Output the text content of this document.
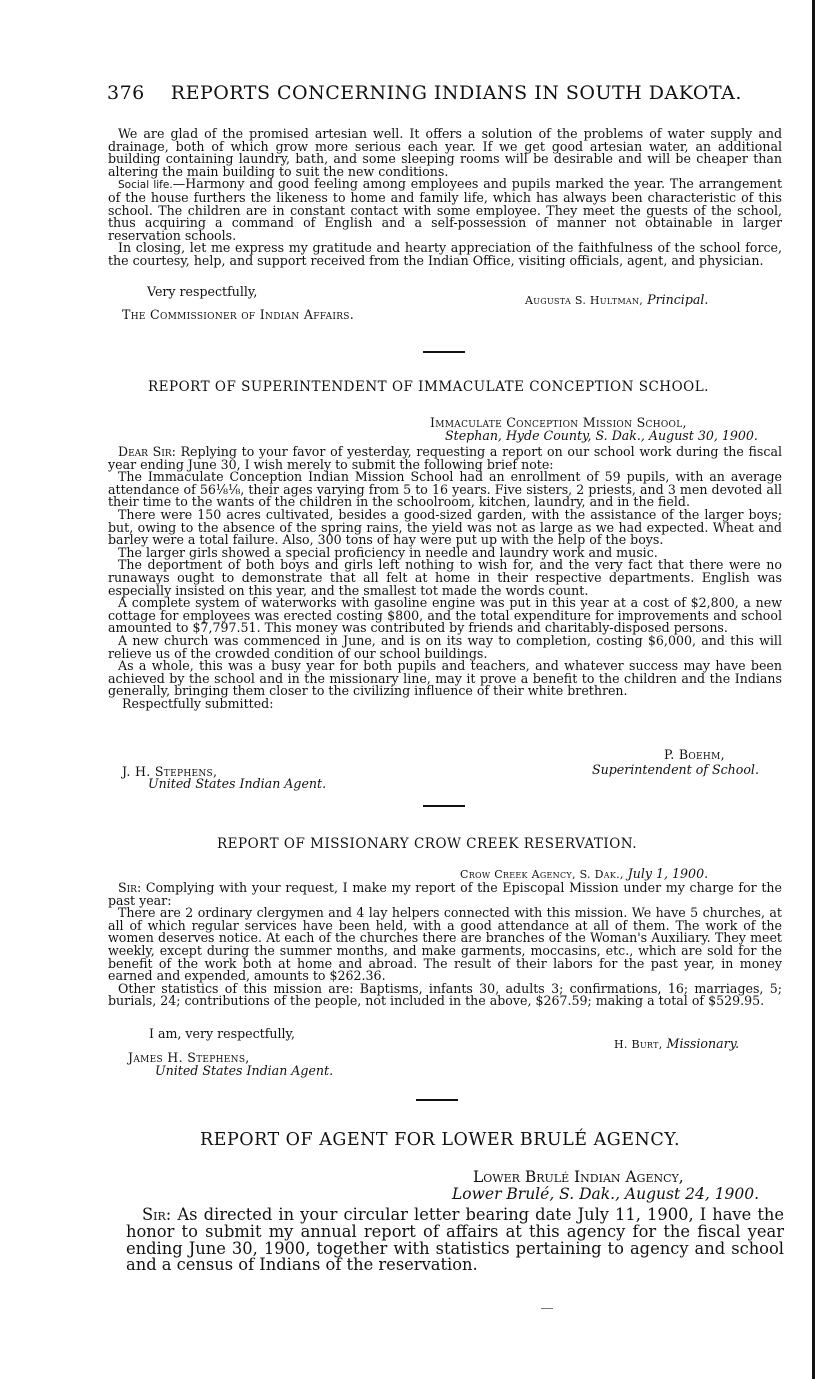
376 REPORTS CONCERNING INDIANS IN SOUTH DAKOTA.

We are glad of the promised artesian well. It offers a solution of the problems of water supply and drainage, both of which grow more serious each year. If we get good artesian water, an additional building containing laundry, bath, and some sleeping rooms will be desirable and will be cheaper than altering the main building to suit the new conditions.

Social life.—Harmony and good feeling among employees and pupils marked the year. The arrangement of the house furthers the likeness to home and family life, which has always been characteristic of this school. The children are in constant contact with some employee. They meet the guests of the school, thus acquiring a command of English and a self-possession of manner not obtainable in larger reservation schools.

In closing, let me express my gratitude and hearty appreciation of the faithfulness of the school force, the courtesy, help, and support received from the Indian Office, visiting officials, agent, and physician.

Very respectfully,
Augusta S. Hultman, Principal.
The Commissioner of Indian Affairs.
REPORT OF SUPERINTENDENT OF IMMACULATE CONCEPTION SCHOOL.
Immaculate Conception Mission School,
Stephan, Hyde County, S. Dak., August 30, 1900.

Dear Sir: Replying to your favor of yesterday, requesting a report on our school work during the fiscal year ending June 30, I wish merely to submit the following brief note:

The Immaculate Conception Indian Mission School had an enrollment of 59 pupils, with an average attendance of 56⅛⅛, their ages varying from 5 to 16 years. Five sisters, 2 priests, and 3 men devoted all their time to the wants of the children in the schoolroom, kitchen, laundry, and in the field.

There were 150 acres cultivated, besides a good-sized garden, with the assistance of the larger boys; but, owing to the absence of the spring rains, the yield was not as large as we had expected. Wheat and barley were a total failure. Also, 300 tons of hay were put up with the help of the boys.

The larger girls showed a special proficiency in needle and laundry work and music.

The deportment of both boys and girls left nothing to wish for, and the very fact that there were no runaways ought to demonstrate that all felt at home in their respective departments. English was especially insisted on this year, and the smallest tot made the words count.

A complete system of waterworks with gasoline engine was put in this year at a cost of $2,800, a new cottage for employees was erected costing $800, and the total expenditure for improvements and school amounted to $7,797.51. This money was contributed by friends and charitably-disposed persons.

A new church was commenced in June, and is on its way to completion, costing $6,000, and this will relieve us of the crowded condition of our school buildings.

As a whole, this was a busy year for both pupils and teachers, and whatever success may have been achieved by the school and in the missionary line, may it prove a benefit to the children and the Indians generally, bringing them closer to the civilizing influence of their white brethren.

Respectfully submitted:

P. Boehm,
Superintendent of School.
J. H. Stephens,
United States Indian Agent.
REPORT OF MISSIONARY CROW CREEK RESERVATION.
Crow Creek Agency, S. Dak., July 1, 1900.

Sir: Complying with your request, I make my report of the Episcopal Mission under my charge for the past year:

There are 2 ordinary clergymen and 4 lay helpers connected with this mission. We have 5 churches, at all of which regular services have been held, with a good attendance at all of them. The work of the women deserves notice. At each of the churches there are branches of the Woman's Auxiliary. They meet weekly, except during the summer months, and make garments, moccasins, etc., which are sold for the benefit of the work both at home and abroad. The result of their labors for the past year, in money earned and expended, amounts to $262.36.

Other statistics of this mission are: Baptisms, infants 30, adults 3; confirmations, 16; marriages, 5; burials, 24; contributions of the people, not included in the above, $267.59; making a total of $529.95.

I am, very respectfully,
H. Burt, Missionary.
James H. Stephens,
United States Indian Agent.
REPORT OF AGENT FOR LOWER BRULÉ AGENCY.
Lower Brulé Indian Agency,
Lower Brulé, S. Dak., August 24, 1900.

Sir: As directed in your circular letter bearing date July 11, 1900, I have the honor to submit my annual report of affairs at this agency for the fiscal year ending June 30, 1900, together with statistics pertaining to agency and school and a census of Indians of the reservation.
